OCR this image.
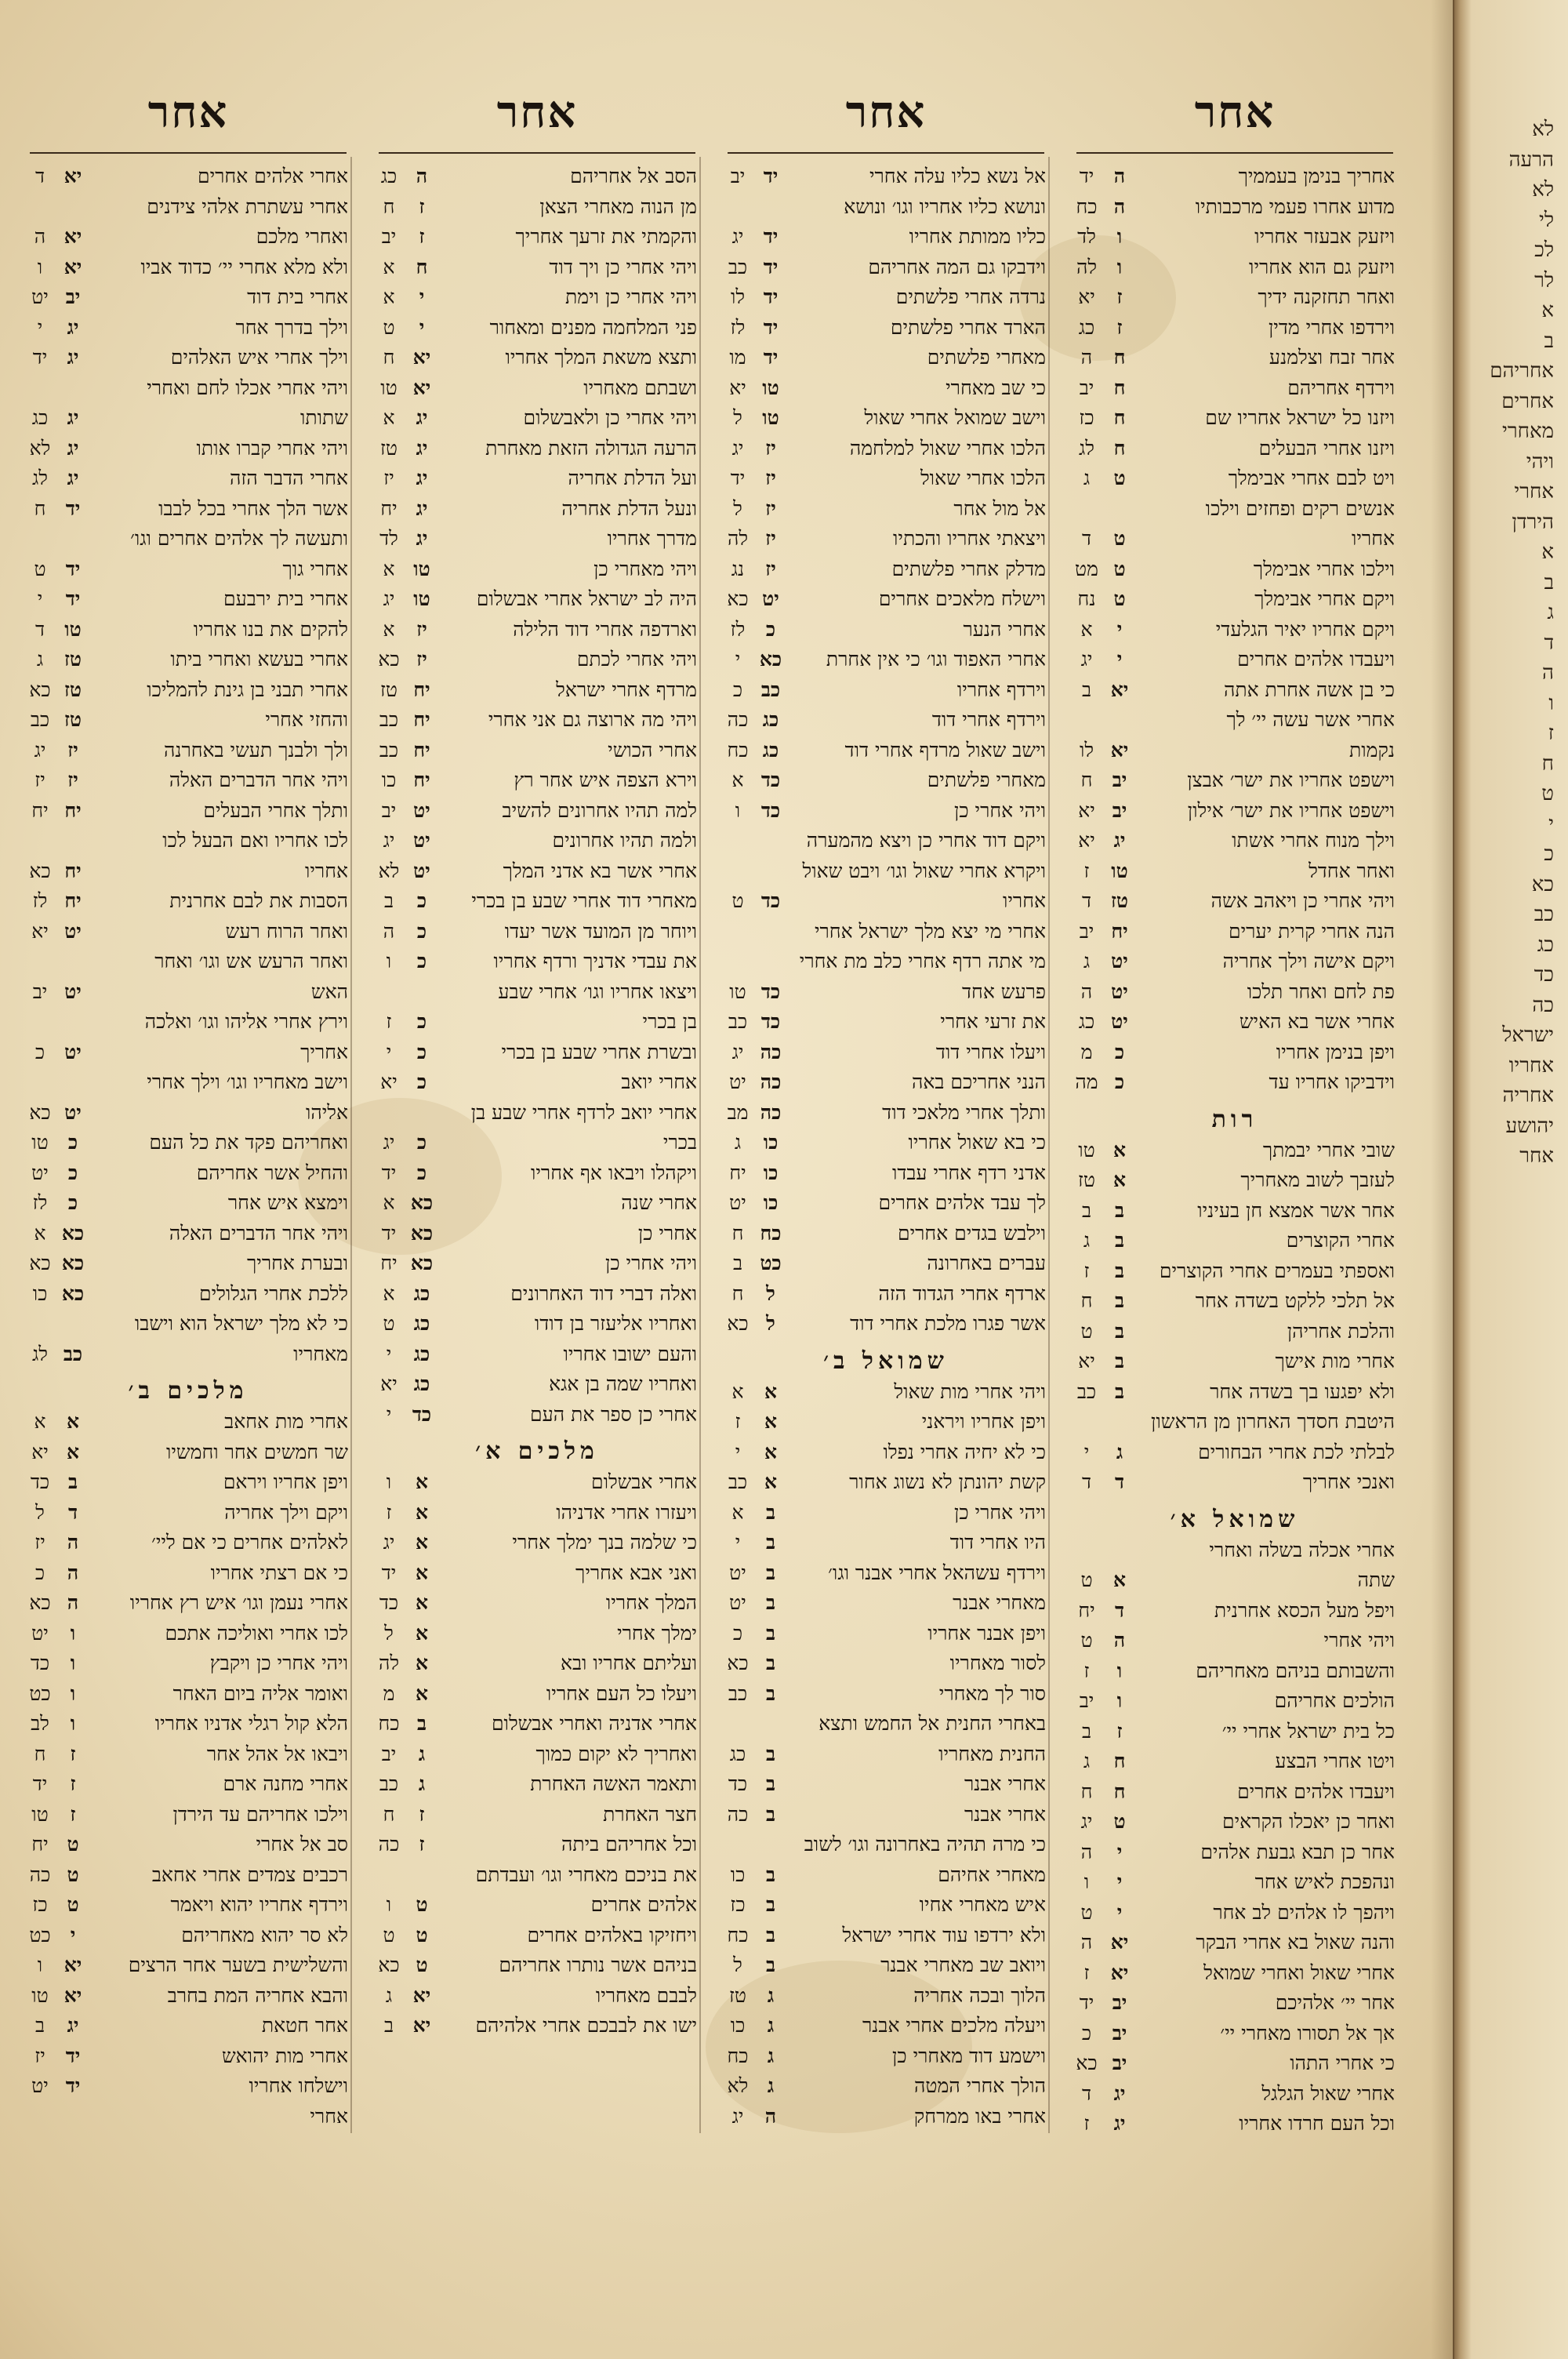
אחר
אחריך בנימן בעממיך
ה
יד
מדוע אחרו פעמי מרכבותיו
ה
כח
ויזעק אבעזר אחריו
ו
לד
ויזעק גם הוא אחריו
ו
לה
ואחר תחזקנה ידיך
ז
יא
וירדפו אחרי מדין
ז
כג
אחר זבח וצלמנע
ח
ה
וירדף אחריהם
ח
יב
ויזנו כל ישראל אחריו שם
ח
כז
ויזנו אחרי הבעלים
ח
לג
ויט לבם אחרי אבימלך
ט
ג
אנשים רקים ופחזים וילכו
אחריו
ט
ד
וילכו אחרי אבימלך
ט
מט
ויקם אחרי אבימלך
ט
נח
ויקם אחריו יאיר הגלעדי
י
א
ויעבדו אלהים אחרים
י
יג
כי בן אשה אחרת אתה
יא
ב
אחרי אשר עשה יי׳ לך
נקמות
יא
לו
וישפט אחריו את ישר׳ אבצן
יב
ח
וישפט אחריו את ישר׳ אילון
יב
יא
וילך מנוח אחרי אשתו
יג
יא
ואחר אחדל
טו
ז
ויהי אחרי כן ויאהב אשה
טז
ד
הנה אחרי קרית יערים
יח
יב
ויקם אישה וילך אחריה
יט
ג
פת לחם ואחר תלכו
יט
ה
אחרי אשר בא האיש
יט
כג
ויפן בנימן אחריו
כ
מ
וידביקו אחריו עד
כ
מה
רות
שובי אחרי יבמתך
א
טו
לעזבך לשוב מאחריך
א
טז
אחר אשר אמצא חן בעיניו
ב
ב
אחרי הקוצרים
ב
ג
ואספתי בעמרים אחרי הקוצרים
ב
ז
אל תלכי ללקט בשדה אחר
ב
ח
והלכת אחריהן
ב
ט
אחרי מות אישך
ב
יא
ולא יפגעו בך בשדה אחר
ב
כב
היטבת חסדך האחרון מן הראשון
לבלתי לכת אחרי הבחורים
ג
י
ואנכי אחריך
ד
ד
שמואל א׳
אחרי אכלה בשלה ואחרי
שתה
א
ט
ויפל מעל הכסא אחרנית
ד
יח
ויהי אחרי
ה
ט
והשבותם בניהם מאחריהם
ו
ז
הולכים אחריהם
ו
יב
כל בית ישראל אחרי יי׳
ז
ב
ויטו אחרי הבצע
ח
ג
ויעבדו אלהים אחרים
ח
ח
ואחר כן יאכלו הקראים
ט
יג
אחר כן תבא גבעת אלהים
י
ה
ונהפכת לאיש אחר
י
ו
ויהפך לו אלהים לב אחר
י
ט
והנה שאול בא אחרי הבקר
יא
ה
אחרי שאול ואחרי שמואל
יא
ז
אחר יי׳ אלהיכם
יב
יד
אך אל תסורו מאחרי יי׳
יב
כ
כי אחרי התהו
יב
כא
אחרי שאול הגלגל
יג
ד
וכל העם חרדו אחריו
יג
ז
אחר
אל נשא כליו עלה אחרי
יד
יב
ונושא כליו אחריו וגו׳ ונושא
כליו ממותת אחריו
יד
יג
וידבקו גם המה אחריהם
יד
כב
נרדה אחרי פלשתים
יד
לו
הארד אחרי פלשתים
יד
לז
מאחרי פלשתים
יד
מו
כי שב מאחרי
טו
יא
וישב שמואל אחרי שאול
טו
ל
הלכו אחרי שאול למלחמה
יז
יג
הלכו אחרי שאול
יז
יד
אל מול אחר
יז
ל
ויצאתי אחריו והכתיו
יז
לה
מדלק אחרי פלשתים
יז
נג
וישלח מלאכים אחרים
יט
כא
אחרי הנער
כ
לז
אחרי האפוד וגו׳ כי אין אחרת
כא
י
וירדף אחריו
כב
כ
וירדף אחרי דוד
כג
כה
וישב שאול מרדף אחרי דוד
כג
כח
מאחרי פלשתים
כד
א
ויהי אחרי כן
כד
ו
ויקם דוד אחרי כן ויצא מהמערה
ויקרא אחרי שאול וגו׳ ויבט שאול
אחריו
כד
ט
אחרי מי יצא מלך ישראל אחרי
מי אתה רדף אחרי כלב מת אחרי
פרעש אחד
כד
טו
את זרעי אחרי
כד
כב
ויעלו אחרי דוד
כה
יג
הנני אחריכם באה
כה
יט
ותלך אחרי מלאכי דוד
כה
מב
כי בא שאול אחריו
כו
ג
אדני רדף אחרי עבדו
כו
יח
לך עבד אלהים אחרים
כו
יט
וילבש בגדים אחרים
כח
ח
עברים באחרונה
כט
ב
ארדף אחרי הגדוד הזה
ל
ח
אשר פגרו מלכת אחרי דוד
ל
כא
שמואל ב׳
ויהי אחרי מות שאול
א
א
ויפן אחריו ויראני
א
ז
כי לא יחיה אחרי נפלו
א
י
קשת יהונתן לא נשוג אחור
א
כב
ויהי אחרי כן
ב
א
היו אחרי דוד
ב
י
וירדף עשהאל אחרי אבנר וגו׳
ב
יט
מאחרי אבנר
ב
יט
ויפן אבנר אחריו
ב
כ
לסור מאחריו
ב
כא
סור לך מאחרי
ב
כב
באחרי החנית אל החמש ותצא
החנית מאחריו
ב
כג
אחרי אבנר
ב
כד
אחרי אבנר
ב
כה
כי מרה תהיה באחרונה וגו׳ לשוב
מאחרי אחיהם
ב
כו
איש מאחרי אחיו
ב
כז
ולא ירדפו עוד אחרי ישראל
ב
כח
ויואב שב מאחרי אבנר
ב
ל
הלוך ובכה אחריה
ג
טז
ויעלה מלכים אחרי אבנר
ג
כו
וישמע דוד מאחרי כן
ג
כח
הולך אחרי המטה
ג
לא
אחרי באו ממרחק
ה
יג
אחר
הסב אל אחריהם
ה
כג
מן הנוה מאחרי הצאן
ז
ח
והקמתי את זרעך אחריך
ז
יב
ויהי אחרי כן ויך דוד
ח
א
ויהי אחרי כן וימת
י
א
פני המלחמה מפנים ומאחור
י
ט
ותצא משאת המלך אחריו
יא
ח
ושבתם מאחריו
יא
טו
ויהי אחרי כן ולאבשלום
יג
א
הרעה הגדולה הזאת מאחרת
יג
טז
ועל הדלת אחריה
יג
יז
ונעל הדלת אחריה
יג
יח
מדרך אחריו
יג
לד
ויהי מאחרי כן
טו
א
היה לב ישראל אחרי אבשלום
טו
יג
וארדפה אחרי דוד הלילה
יז
א
ויהי אחרי לכתם
יז
כא
מרדף אחרי ישראל
יח
טז
ויהי מה ארוצה גם אני אחרי
יח
כב
אחרי הכושי
יח
כב
וירא הצפה איש אחר רץ
יח
כו
למה תהיו אחרונים להשיב
יט
יב
ולמה תהיו אחרונים
יט
יג
אחרי אשר בא אדני המלך
יט
לא
מאחרי דוד אחרי שבע בן בכרי
כ
ב
ויוחר מן המועד אשר יעדו
כ
ה
את עבדי אדניך ורדף אחריו
כ
ו
ויצאו אחריו וגו׳ אחרי שבע
בן בכרי
כ
ז
ובשרת אחרי שבע בן בכרי
כ
י
אחרי יואב
כ
יא
אחרי יואב לרדף אחרי שבע בן
בכרי
כ
יג
ויקהלו ויבאו אף אחריו
כ
יד
אחרי שנה
כא
א
אחרי כן
כא
יד
ויהי אחרי כן
כא
יח
ואלה דברי דוד האחרונים
כג
א
ואחריו אליעזר בן דודו
כג
ט
והעם ישובו אחריו
כג
י
ואחריו שמה בן אגא
כג
יא
אחרי כן ספר את העם
כד
י
מלכים א׳
אחרי אבשלום
א
ו
ויעזרו אחרי אדניהו
א
ז
כי שלמה בנך ימלך אחרי
א
יג
ואני אבא אחריך
א
יד
המלך אחריו
א
כד
ימלך אחרי
א
ל
ועליתם אחריו ובא
א
לה
ויעלו כל העם אחריו
א
מ
אחרי אדניה ואחרי אבשלום
ב
כח
ואחריך לא יקום כמוך
ג
יב
ותאמר האשה האחרת
ג
כב
חצר האחרת
ז
ח
וכל אחריהם ביתה
ז
כה
את בניכם מאחרי וגו׳ ועבדתם
אלהים אחרים
ט
ו
ויחזיקו באלהים אחרים
ט
ט
בניהם אשר נותרו אחריהם
ט
כא
לבבם מאחריו
יא
ג
ישו את לבבכם אחרי אלהיהם
יא
ב
אחר
אחרי אלהים אחרים
יא
ד
אחרי עשתרת אלהי צידנים
ואחרי מלכם
יא
ה
ולא מלא אחרי יי׳ כדוד אביו
יא
ו
אחרי בית דוד
יב
יט
וילך בדרך אחר
יג
י
וילך אחרי איש האלהים
יג
יד
ויהי אחרי אכלו לחם ואחרי
שתותו
יג
כג
ויהי אחרי קברו אותו
יג
לא
אחרי הדבר הזה
יג
לג
אשר הלך אחרי בכל לבבו
יד
ח
ותעשה לך אלהים אחרים וגו׳
אחרי גוך
יד
ט
אחרי בית ירבעם
יד
י
להקים את בנו אחריו
טו
ד
אחרי בעשא ואחרי ביתו
טז
ג
אחרי תבני בן גינת להמליכו
טז
כא
והחזי אחרי
טז
כב
ולך ולבנך תעשי באחרנה
יז
יג
ויהי אחר הדברים האלה
יז
יז
ותלך אחרי הבעלים
יח
יח
לכו אחריו ואם הבעל לכו
אחריו
יח
כא
הסבות את לבם אחרנית
יח
לז
ואחר הרוח רעש
יט
יא
ואחר הרעש אש וגו׳ ואחר
האש
יט
יב
וירץ אחרי אליהו וגו׳ ואלכה
אחריך
יט
כ
וישב מאחריו וגו׳ וילך אחרי
אליהו
יט
כא
ואחריהם פקד את כל העם
כ
טו
והחיל אשר אחריהם
כ
יט
וימצא איש אחר
כ
לז
ויהי אחר הדברים האלה
כא
א
ובערת אחריך
כא
כא
ללכת אחרי הגלולים
כא
כו
כי לא מלך ישראל הוא וישבו
מאחריו
כב
לג
מלכים ב׳
אחרי מות אחאב
א
א
שר חמשים אחר וחמשיו
א
יא
ויפן אחריו ויראם
ב
כד
ויקם וילך אחריה
ד
ל
לאלהים אחרים כי אם ליי׳
ה
יז
כי אם רצתי אחריו
ה
כ
אחרי נעמן וגו׳ איש רץ אחריו
ה
כא
לכו אחרי ואוליכה אתכם
ו
יט
ויהי אחרי כן ויקבץ
ו
כד
ואומר אליה ביום האחר
ו
כט
הלא קול רגלי אדניו אחריו
ו
לב
ויבאו אל אהל אחר
ז
ח
אחרי מחנה ארם
ז
יד
וילכו אחריהם עד הירדן
ז
טו
סב אל אחרי
ט
יח
רכבים צמדים אחרי אחאב
ט
כה
וירדף אחריו יהוא ויאמר
ט
כז
לא סר יהוא מאחריהם
י
כט
והשלישית בשער אחר הרצים
יא
ו
והבא אחריה המת בחרב
יא
טו
אחר חטאת
יג
ב
אחרי מות יהואש
יד
יז
וישלחו אחריו
יד
יט
אחרי
לא
הרעה
לא
לי
לכ
לר
א
ב
אחריהם
אחרים
מאחרי
ויהי
אחרי
הירדן
א
ב
ג
ד
ה
ו
ז
ח
ט
י
כ
כא
כב
כג
כד
כה
ישראל
אחריו
אחריה
יהושע
אחר
